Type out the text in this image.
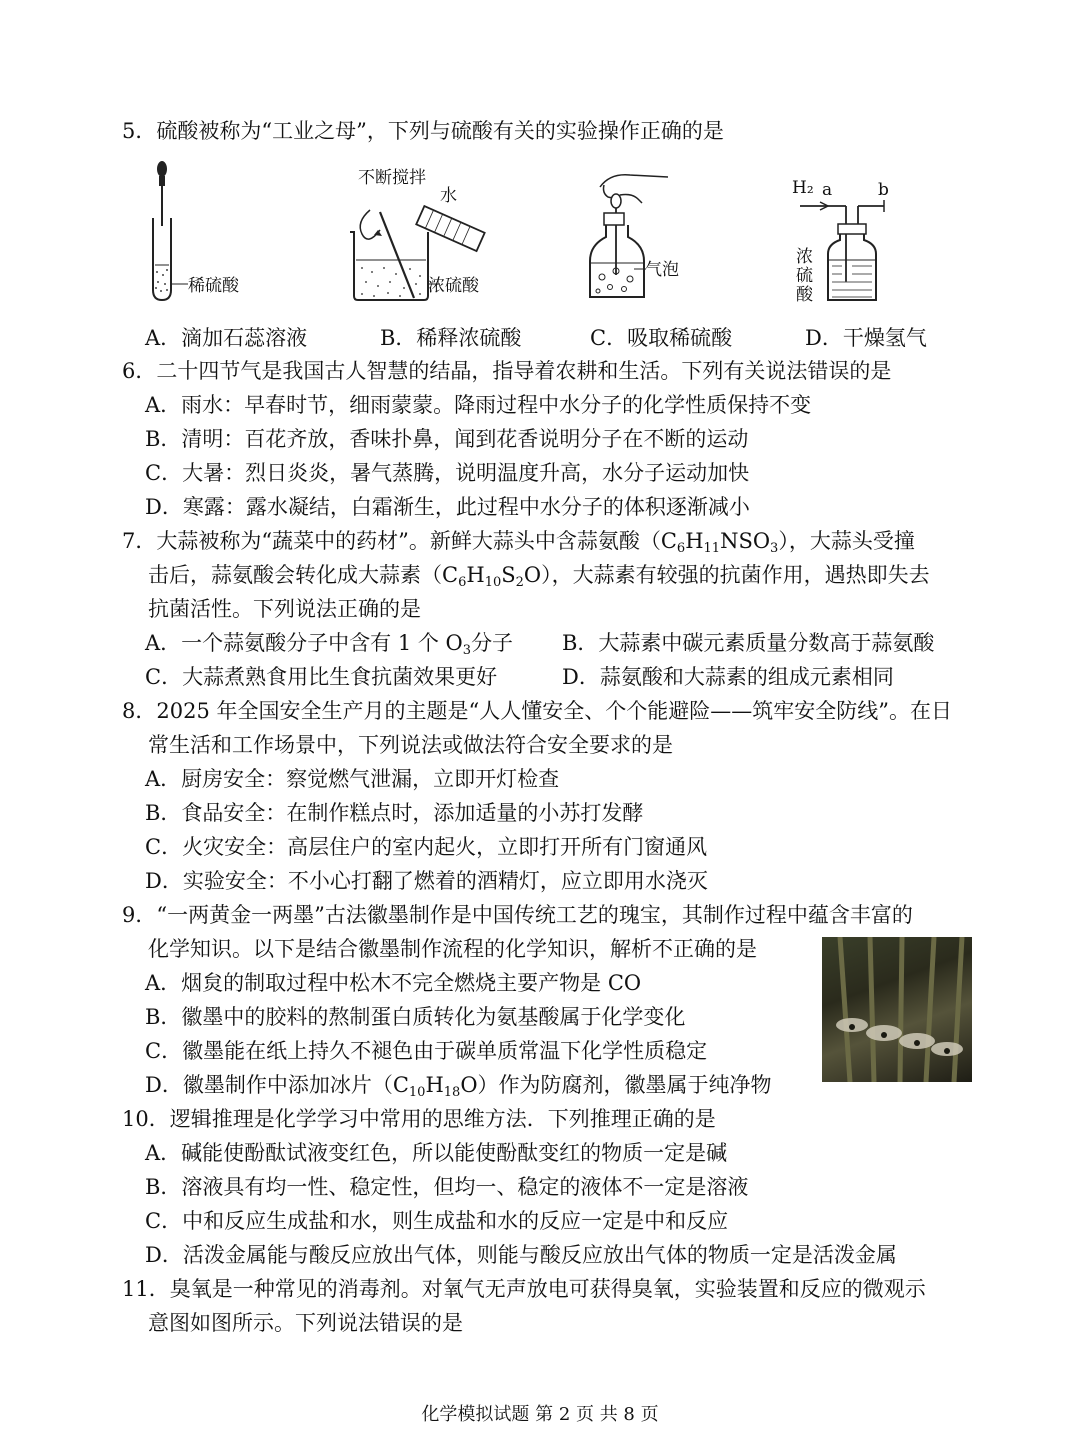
5．硫酸被称为“工业之母”，下列与硫酸有关的实验操作正确的是
稀硫酸
不断搅拌
水
浓硫酸
气泡
H₂ a	b
浓硫酸
A．滴加石蕊溶液	B．稀释浓硫酸	C．吸取稀硫酸	D．干燥氢气
6．二十四节气是我国古人智慧的结晶，指导着农耕和生活。下列有关说法错误的是
A．雨水：早春时节，细雨蒙蒙。降雨过程中水分子的化学性质保持不变
B．清明：百花齐放，香味扑鼻，闻到花香说明分子在不断的运动
C．大暑：烈日炎炎，暑气蒸腾，说明温度升高，水分子运动加快
D．寒露：露水凝结，白霜渐生，此过程中水分子的体积逐渐减小
7．大蒜被称为“蔬菜中的药材”。新鲜大蒜头中含蒜氨酸$(C_6H_{11}NSO_3)$，大蒜头受撞
击后，蒜氨酸会转化成大蒜素$(C_6H_{10}S_2O)$，大蒜素有较强的抗菌作用，遇热即失去
抗菌活性。下列说法正确的是
A．一个蒜氨酸分子中含有 1 个 $O_3$分子 B．大蒜素中碳元素质量分数高于蒜氨酸
C．大蒜煮熟食用比生食抗菌效果更好	D．蒜氨酸和大蒜素的组成元素相同
8．2025 年全国安全生产月的主题是“人人懂安全、个个能避险——筑牢安全防线”。在日
常生活和工作场景中，下列说法或做法符合安全要求的是
A．厨房安全：察觉燃气泄漏，立即开灯检查
B．食品安全：在制作糕点时，添加适量的小苏打发酵
C．火灾安全：高层住户的室内起火，立即打开所有门窗通风
D．实验安全：不小心打翻了燃着的酒精灯，应立即用水浇灭
9．“一两黄金一两墨”古法徽墨制作是中国传统工艺的瑰宝，其制作过程中蕴含丰富的
化学知识。以下是结合徽墨制作流程的化学知识，解析不正确的是
A．烟炱的制取过程中松木不完全燃烧主要产物是 CO
B．徽墨中的胶料的熬制蛋白质转化为氨基酸属于化学变化
C．徽墨能在纸上持久不褪色由于碳单质常温下化学性质稳定
D．徽墨制作中添加冰片$(C_{10}H_{18}O)$作为防腐剂，徽墨属于纯净物
10．逻辑推理是化学学习中常用的思维方法．下列推理正确的是
A．碱能使酚酞试液变红色，所以能使酚酞变红的物质一定是碱
B．溶液具有均一性、稳定性，但均一、稳定的液体不一定是溶液
C．中和反应生成盐和水，则生成盐和水的反应一定是中和反应
D．活泼金属能与酸反应放出气体，则能与酸反应放出气体的物质一定是活泼金属
11．臭氧是一种常见的消毒剂。对氧气无声放电可获得臭氧，实验装置和反应的微观示
意图如图所示。下列说法错误的是
化学模拟试题 第 2 页 共 8 页
